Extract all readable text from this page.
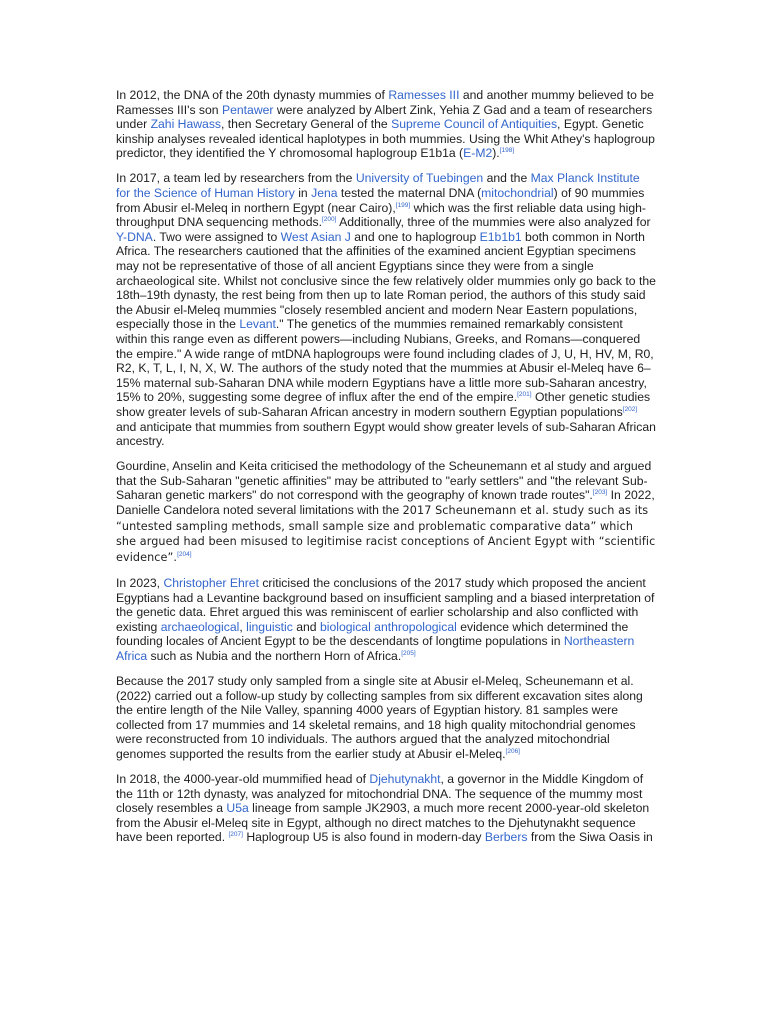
In 2012, the DNA of the 20th dynasty mummies of Ramesses III and another mummy believed to be Ramesses III's son Pentawer were analyzed by Albert Zink, Yehia Z Gad and a team of researchers under Zahi Hawass, then Secretary General of the Supreme Council of Antiquities, Egypt. Genetic kinship analyses revealed identical haplotypes in both mummies. Using the Whit Athey's haplogroup predictor, they identified the Y chromosomal haplogroup E1b1a (E-M2).[198]

In 2017, a team led by researchers from the University of Tuebingen and the Max Planck Institute for the Science of Human History in Jena tested the maternal DNA (mitochondrial) of 90 mummies from Abusir el-Meleq in northern Egypt (near Cairo),[199] which was the first reliable data using high-throughput DNA sequencing methods.[200] Additionally, three of the mummies were also analyzed for Y-DNA. Two were assigned to West Asian J and one to haplogroup E1b1b1 both common in North Africa. The researchers cautioned that the affinities of the examined ancient Egyptian specimens may not be representative of those of all ancient Egyptians since they were from a single archaeological site. Whilst not conclusive since the few relatively older mummies only go back to the 18th–19th dynasty, the rest being from then up to late Roman period, the authors of this study said the Abusir el-Meleq mummies "closely resembled ancient and modern Near Eastern populations, especially those in the Levant." The genetics of the mummies remained remarkably consistent within this range even as different powers—including Nubians, Greeks, and Romans—conquered the empire." A wide range of mtDNA haplogroups were found including clades of J, U, H, HV, M, R0, R2, K, T, L, I, N, X, W. The authors of the study noted that the mummies at Abusir el-Meleq have 6–15% maternal sub-Saharan DNA while modern Egyptians have a little more sub-Saharan ancestry, 15% to 20%, suggesting some degree of influx after the end of the empire.[201] Other genetic studies show greater levels of sub-Saharan African ancestry in modern southern Egyptian populations[202] and anticipate that mummies from southern Egypt would show greater levels of sub-Saharan African ancestry.

Gourdine, Anselin and Keita criticised the methodology of the Scheunemann et al study and argued that the Sub-Saharan "genetic affinities" may be attributed to "early settlers" and "the relevant Sub-Saharan genetic markers" do not correspond with the geography of known trade routes".[203] In 2022, Danielle Candelora noted several limitations with the 2017 Scheunemann et al. study such as its “untested sampling methods, small sample size and problematic comparative data” which she argued had been misused to legitimise racist conceptions of Ancient Egypt with “scientific evidence”.[204]

In 2023, Christopher Ehret criticised the conclusions of the 2017 study which proposed the ancient Egyptians had a Levantine background based on insufficient sampling and a biased interpretation of the genetic data. Ehret argued this was reminiscent of earlier scholarship and also conflicted with existing archaeological, linguistic and biological anthropological evidence which determined the founding locales of Ancient Egypt to be the descendants of longtime populations in Northeastern Africa such as Nubia and the northern Horn of Africa.[205]

Because the 2017 study only sampled from a single site at Abusir el-Meleq, Scheunemann et al.(2022) carried out a follow-up study by collecting samples from six different excavation sites along the entire length of the Nile Valley, spanning 4000 years of Egyptian history. 81 samples were collected from 17 mummies and 14 skeletal remains, and 18 high quality mitochondrial genomes were reconstructed from 10 individuals. The authors argued that the analyzed mitochondrial genomes supported the results from the earlier study at Abusir el-Meleq.[206]

In 2018, the 4000-year-old mummified head of Djehutynakht, a governor in the Middle Kingdom of the 11th or 12th dynasty, was analyzed for mitochondrial DNA. The sequence of the mummy most closely resembles a U5a lineage from sample JK2903, a much more recent 2000-year-old skeleton from the Abusir el-Meleq site in Egypt, although no direct matches to the Djehutynakht sequence have been reported. [207] Haplogroup U5 is also found in modern-day Berbers from the Siwa Oasis in
